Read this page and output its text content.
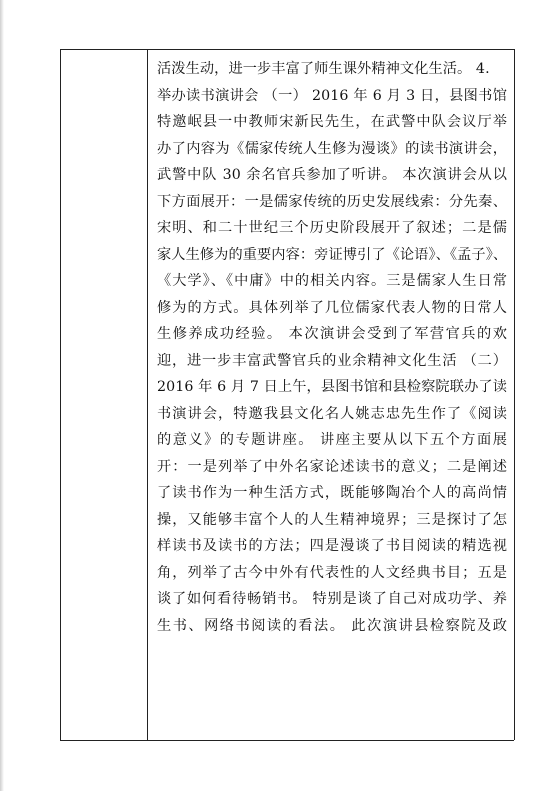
活泼生动，进一步丰富了师生课外精神文化生活。 4.
举办读书演讲会 （一） 2016 年 6 月 3 日，县图书馆
特邀岷县一中教师宋新民先生，在武警中队会议厅举
办了内容为《儒家传统人生修为漫谈》的读书演讲会，
武警中队 30 余名官兵参加了听讲。 本次演讲会从以
下方面展开：一是儒家传统的历史发展线索：分先秦、
宋明、和二十世纪三个历史阶段展开了叙述；二是儒
家人生修为的重要内容：旁证博引了《论语》、《孟子》、
《大学》、《中庸》中的相关内容。三是儒家人生日常
修为的方式。具体列举了几位儒家代表人物的日常人
生修养成功经验。 本次演讲会受到了军营官兵的欢
迎，进一步丰富武警官兵的业余精神文化生活 （二）
2016 年 6 月 7 日上午，县图书馆和县检察院联办了读
书演讲会，特邀我县文化名人姚志忠先生作了《阅读
的意义》的专题讲座。 讲座主要从以下五个方面展
开：一是列举了中外名家论述读书的意义；二是阐述
了读书作为一种生活方式，既能够陶冶个人的高尚情
操，又能够丰富个人的人生精神境界；三是探讨了怎
样读书及读书的方法；四是漫谈了书目阅读的精选视
角，列举了古今中外有代表性的人文经典书目；五是
谈了如何看待畅销书。 特别是谈了自己对成功学、养
生书、网络书阅读的看法。 此次演讲县检察院及政
